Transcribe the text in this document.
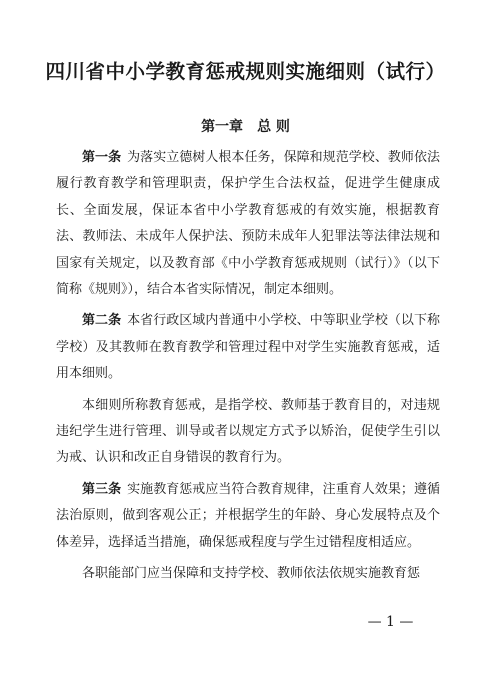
四川省中小学教育惩戒规则实施细则（试行）
第一章 总 则

第一条 为落实立德树人根本任务，保障和规范学校、教师依法履行教育教学和管理职责，保护学生合法权益，促进学生健康成长、全面发展，保证本省中小学教育惩戒的有效实施，根据教育法、教师法、未成年人保护法、预防未成年人犯罪法等法律法规和国家有关规定，以及教育部《中小学教育惩戒规则（试行）》（以下简称《规则》），结合本省实际情况，制定本细则。

第二条 本省行政区域内普通中小学校、中等职业学校（以下称学校）及其教师在教育教学和管理过程中对学生实施教育惩戒，适用本细则。

本细则所称教育惩戒，是指学校、教师基于教育目的，对违规违纪学生进行管理、训导或者以规定方式予以矫治，促使学生引以为戒、认识和改正自身错误的教育行为。

第三条 实施教育惩戒应当符合教育规律，注重育人效果；遵循法治原则，做到客观公正；并根据学生的年龄、身心发展特点及个体差异，选择适当措施，确保惩戒程度与学生过错程度相适应。

各职能部门应当保障和支持学校、教师依法依规实施教育惩

— 1 —
